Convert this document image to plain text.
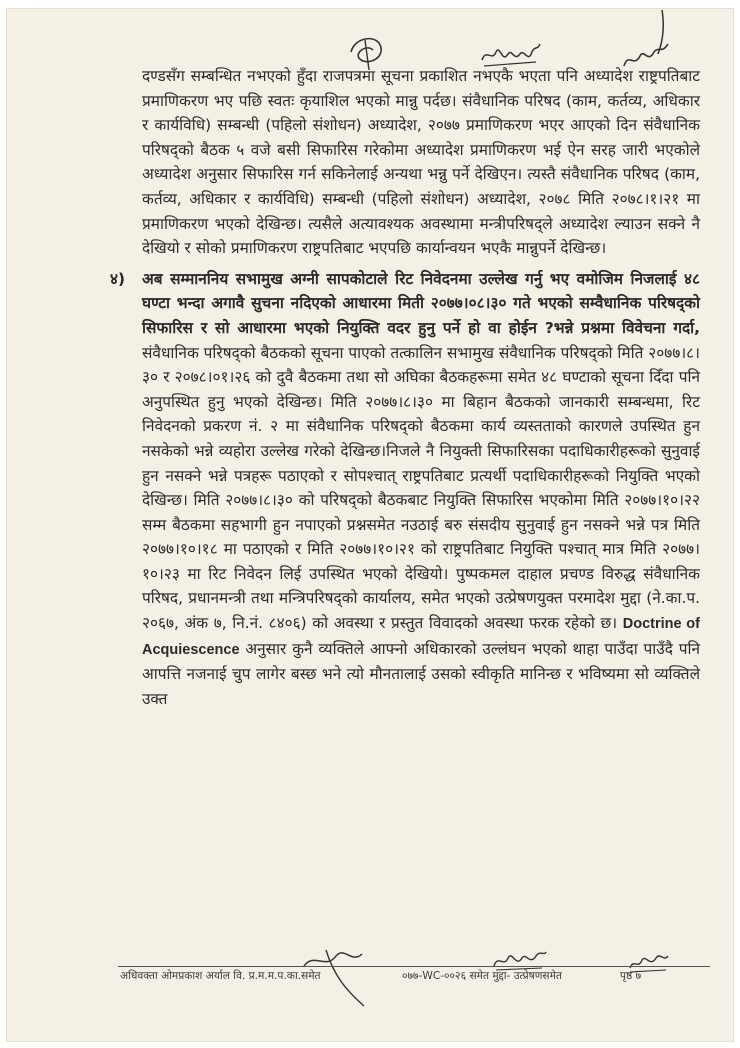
दण्डसँग सम्बन्धित नभएको हुँदा राजपत्रमा सूचना प्रकाशित नभएकै भएता पनि अध्यादेश राष्ट्रपतिबाट प्रमाणिकरण भए पछि स्वतः कृयाशिल भएको मान्नु पर्दछ। संवैधानिक परिषद (काम, कर्तव्य, अधिकार र कार्यविधि) सम्बन्धी (पहिलो संशोधन) अध्यादेश, २०७७ प्रमाणिकरण भएर आएको दिन संवैधानिक परिषद्को बैठक ५ वजे बसी सिफारिस गरेकोमा अध्यादेश प्रमाणिकरण भई ऐन सरह जारी भएकोले अध्यादेश अनुसार सिफारिस गर्न सकिनेलाई अन्यथा भन्नु पर्ने देखिएन। त्यस्तै संवैधानिक परिषद (काम, कर्तव्य, अधिकार र कार्यविधि) सम्बन्धी (पहिलो संशोधन) अध्यादेश, २०७८ मिति २०७८।१।२१ मा प्रमाणिकरण भएको देखिन्छ। त्यसैले अत्यावश्यक अवस्थामा मन्त्रीपरिषद्ले अध्यादेश ल्याउन सक्ने नै देखियो र सोको प्रमाणिकरण राष्ट्रपतिबाट भएपछि कार्यान्वयन भएकै मान्नुपर्ने देखिन्छ।

४) अब सम्माननिय सभामुख अग्नी सापकोटाले रिट निवेदनमा उल्लेख गर्नु भए वमोजिम निजलाई ४८ घण्टा भन्दा अगावै सुचना नदिएको आधारमा मिती २०७७।०८।३० गते भएको सम्वैधानिक परिषद्को सिफारिस र सो आधारमा भएको नियुक्ति वदर हुनु पर्ने हो वा होईन ?भन्ने प्रश्नमा विवेचना गर्दा, संवैधानिक परिषद्को बैठकको सूचना पाएको तत्कालिन सभामुख संवैधानिक परिषद्को मिति २०७७।८।३० र २०७८।०१।२६ को दुवै बैठकमा तथा सो अघिका बैठकहरूमा समेत ४८ घण्टाको सूचना दिँदा पनि अनुपस्थित हुनु भएको देखिन्छ। मिति २०७७।८।३० मा बिहान बैठकको जानकारी सम्बन्धमा, रिट निवेदनको प्रकरण नं. २ मा संवैधानिक परिषद्को बैठकमा कार्य व्यस्तताको कारणले उपस्थित हुन नसकेको भन्ने व्यहोरा उल्लेख गरेको देखिन्छ।निजले नै नियुक्ती सिफारिसका पदाधिकारीहरूको सुनुवाई हुन नसक्ने भन्ने पत्रहरू पठाएको र सोपश्चात् राष्ट्रपतिबाट प्रत्यर्थी पदाधिकारीहरूको नियुक्ति भएको देखिन्छ। मिति २०७७।८।३० को परिषद्को बैठकबाट नियुक्ति सिफारिस भएकोमा मिति २०७७।१०।२२ सम्म बैठकमा सहभागी हुन नपाएको प्रश्नसमेत नउठाई बरु संसदीय सुनुवाई हुन नसक्ने भन्ने पत्र मिति २०७७।१०।१८ मा पठाएको र मिति २०७७।१०।२१ को राष्ट्रपतिबाट नियुक्ति पश्चात् मात्र मिति २०७७।१०।२३ मा रिट निवेदन लिई उपस्थित भएको देखियो। पुष्पकमल दाहाल प्रचण्ड विरुद्ध संवैधानिक परिषद, प्रधानमन्त्री तथा मन्त्रिपरिषद्को कार्यालय, समेत भएको उत्प्रेषणयुक्त परमादेश मुद्दा (ने.का.प. २०६७, अंक ७, नि.नं. ८४०६) को अवस्था र प्रस्तुत विवादको अवस्था फरक रहेको छ। Doctrine of Acquiescence अनुसार कुनै व्यक्तिले आफ्नो अधिकारको उल्लंघन भएको थाहा पाउँदा पाउँदै पनि आपत्ति नजनाई चुप लागेर बस्छ भने त्यो मौनतालाई उसको स्वीकृति मानिन्छ र भविष्यमा सो व्यक्तिले उक्त

अधिवक्ता ओमप्रकाश अर्याल वि. प्र.म.म.प.का.समेत	०७७-WC-००२६ समेत मुद्दा- उत्प्रेषणसमेत	पृष्ठ ७
